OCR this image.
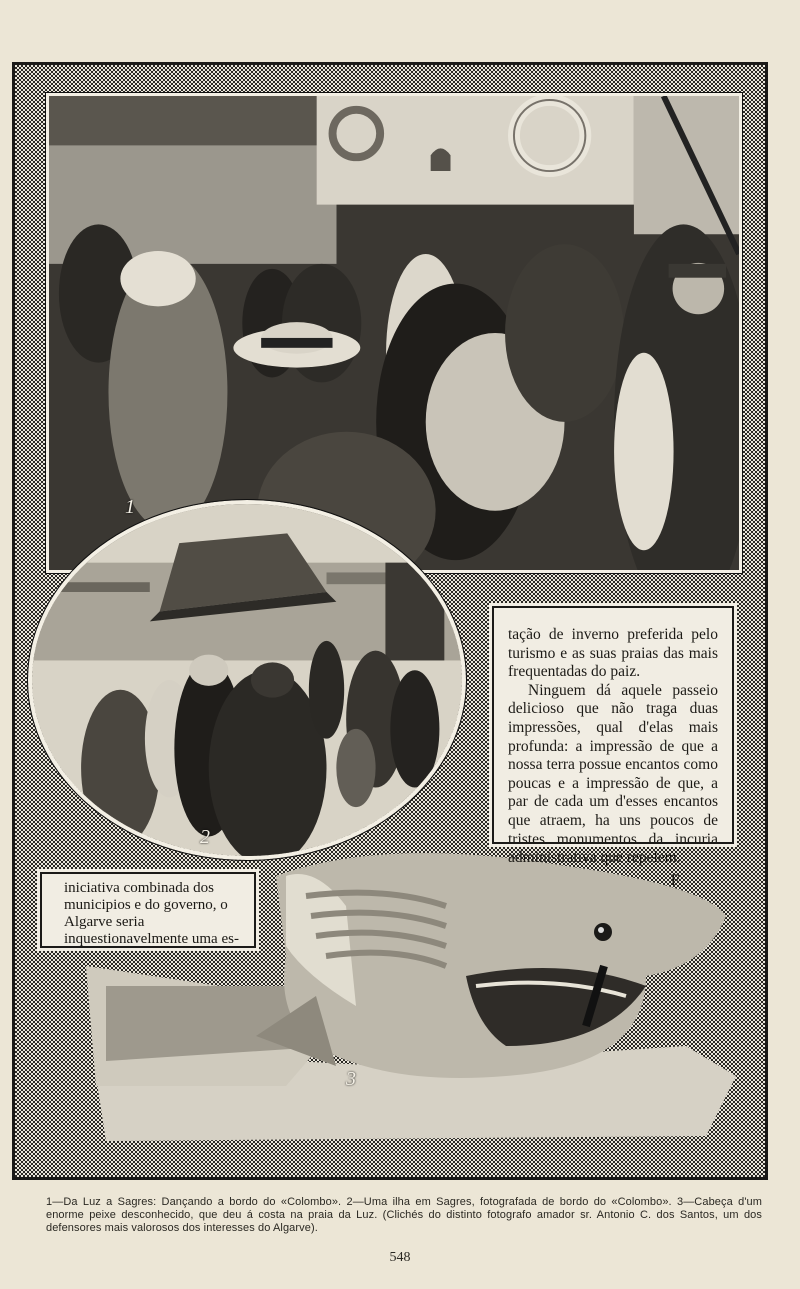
1
2
3

tação de inverno preferida pelo turismo e as suas praias das mais frequentadas do paiz.

Ninguem dá aquele passeio delicioso que não traga duas impressões, qual d'elas mais profunda: a impressão de que a nossa terra possue encantos como poucas e a impressão de que, a par de cada um d'esses encantos que atraem, ha uns poucos de tristes monumentos da incuria administrativa que repelem.

F.

iniciativa combinada dos municipios e do governo, o Algarve seria inquestionavelmente uma es-

1—Da Luz a Sagres: Dançando a bordo do «Colombo». 2—Uma ilha em Sagres, fotografada de bordo do «Colombo». 3—Cabeça d'um enorme peixe desconhecido, que deu á costa na praia da Luz. (Clichés do distinto fotografo amador sr. Antonio C. dos Santos, um dos defensores mais valorosos dos interesses do Algarve).
548
